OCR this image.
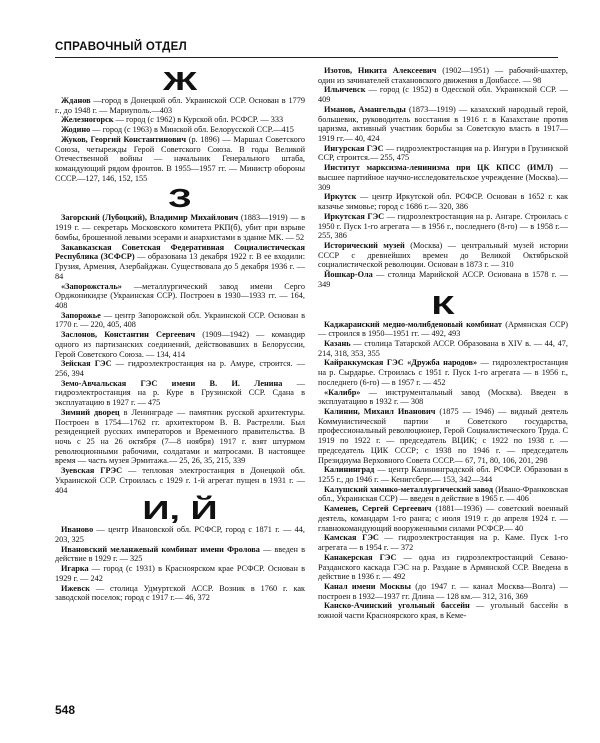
СПРАВОЧНЫЙ ОТДЕЛ
Ж
Жданов —город в Донецкой обл. Украинской ССР. Основан в 1779 г., до 1948 г. — Мариуполь.—403
Железногорск — город (с 1962) в Курской обл. РСФСР. — 333
Жодино — город (с 1963) в Минской обл. Белорусской ССР.—415
Жуков, Георгий Константинович (р. 1896) — Маршал Советского Союза, четырежды Герой Советского Союза. В годы Великой Отечественной войны — начальник Генерального штаба, командующий рядом фронтов. В 1955—1957 гг. — Министр обороны СССР.—127, 146, 152, 155
З
Загорский (Лубоцкий), Владимир Михайлович (1883—1919) — в 1919 г. — секретарь Московского комитета РКП(б), убит при взрыве бомбы, брошенной левыми эсерами и анархистами в здание МК. — 52
Закавказская Советская Федеративная Социалистическая Республика (ЗСФСР) — образована 13 декабря 1922 г. В ее входили: Грузия, Армения, Азербайджан. Существовала до 5 декабря 1936 г. — 84
«Запорожсталь» —металлургический завод имени Серго Орджоникидзе (Украинская ССР). Построен в 1930—1933 гг. — 164, 408
Запорожье — центр Запорожской обл. Украинской ССР. Основан в 1770 г. — 220, 405, 408
Заслонов, Константин Сергеевич (1909—1942) — командир одного из партизанских соединений, действовавших в Белоруссии, Герой Советского Союза. — 134, 414
Зейская ГЭС — гидроэлектростанция на р. Амуре, строится. — 256, 394
Земо-Авчальская ГЭС имени В. И. Ленина — гидроэлектростанция на р. Куре в Грузинской ССР. Сдана в эксплуатацию в 1927 г. — 475
Зимний дворец в Ленинграде — памятник русской архитектуры. Построен в 1754—1762 гг. архитектором В. В. Растрелли. Был резиденцией русских императоров и Временного правительства. В ночь с 25 на 26 октября (7—8 ноября) 1917 г. взят штурмом революционными рабочими, солдатами и матросами. В настоящее время — часть музея Эрмитажа.— 25, 26, 35, 215, 339
Зуевская ГРЭС — тепловая электростанция в Донецкой обл. Украинской ССР. Строилась с 1929 г. 1-й агрегат пущен в 1931 г. — 404
И, Й
Иваново — центр Ивановской обл. РСФСР, город с 1871 г. — 44, 203, 325
Ивановский меланжевый комбинат имени Фролова — введен в действие в 1929 г. — 325
Игарка — город (с 1931) в Красноярском крае РСФСР. Основан в 1929 г. — 242
Ижевск — столица Удмуртской АССР. Возник в 1760 г. как заводской поселок; город с 1917 г.— 46, 372
Изотов, Никита Алексеевич (1902—1951) — рабочий-шахтер, один из зачинателей стахановского движения в Донбассе. — 98
Ильичевск — город (с 1952) в Одесской обл. Украинской ССР. — 409
Иманов, Амангельды (1873—1919) — казахский народный герой, большевик, руководитель восстания в 1916 г. в Казахстане против царизма, активный участник борьбы за Советскую власть в 1917—1919 гг.— 40, 424
Ингурская ГЭС — гидроэлектростанция на р. Ингури в Грузинской ССР, строится.— 255, 475
Институт марксизма-ленинизма при ЦК КПСС (ИМЛ) — высшее партийное научно-исследовательское учреждение (Москва).— 309
Иркутск — центр Иркутской обл. РСФСР. Основан в 1652 г. как казачье зимовье; город с 1686 г.— 320, 386
Иркутская ГЭС — гидроэлектростанция на р. Ангаре. Строилась с 1950 г. Пуск 1-го агрегата — в 1956 г., последнего (8-го) — в 1958 г.—255, 386
Исторический музей (Москва) — центральный музей истории СССР с древнейших времен до Великой Октябрьской социалистической революции. Основан в 1873 г. — 310
Йошкар-Ола — столица Марийской АССР. Основана в 1578 г. — 349
К
Каджаранский медно-молибденовый комбинат (Армянская ССР) — строился в 1950—1951 гг. — 492, 493
Казань — столица Татарской АССР. Образована в XIV в. — 44, 47, 214, 318, 353, 355
Кайраккумская ГЭС «Дружба народов» — гидроэлектростанция на р. Сырдарье. Строилась с 1951 г. Пуск 1-го агрегата — в 1956 г., последнего (6-го) — в 1957 г. — 452
«Калибр» — инструментальный завод (Москва). Введен в эксплуатацию в 1932 г. — 308
Калинин, Михаил Иванович (1875 — 1946) — видный деятель Коммунистической партии и Советского государства, профессиональный революционер, Герой Социалистического Труда. С 1919 по 1922 г. — председатель ВЦИК; с 1922 по 1938 г. — председатель ЦИК СССР; с 1938 по 1946 г. — председатель Президиума Верховного Совета СССР.— 67, 71, 80, 106, 201, 298
Калининград — центр Калининградской обл. РСФСР. Образован в 1255 г., до 1946 г. — Кенигсберг.— 153, 342—344
Калушский химико-металлургический завод (Ивано-Франковская обл., Украинская ССР) — введен в действие в 1965 г. — 406
Каменев, Сергей Сергеевич (1881—1936) — советский военный деятель, командарм 1-го ранга; с июля 1919 г. до апреля 1924 г. — главнокомандующий вооруженными силами РСФСР.— 40
Камская ГЭС — гидроэлектростанция на р. Каме. Пуск 1-го агрегата — в 1954 г. — 372
Канакерская ГЭС — одна из гидроэлектростанций Севано-Разданского каскада ГЭС на р. Раздане в Армянской ССР. Введена в действие в 1936 г. — 492
Канал имени Москвы (до 1947 г. — канал Москва—Волга) — построен в 1932—1937 гг. Длина — 128 км.— 312, 316, 369
Канско-Ачинский угольный бассейн — угольный бассейн в южной части Красноярского края, в Кеме-
548
